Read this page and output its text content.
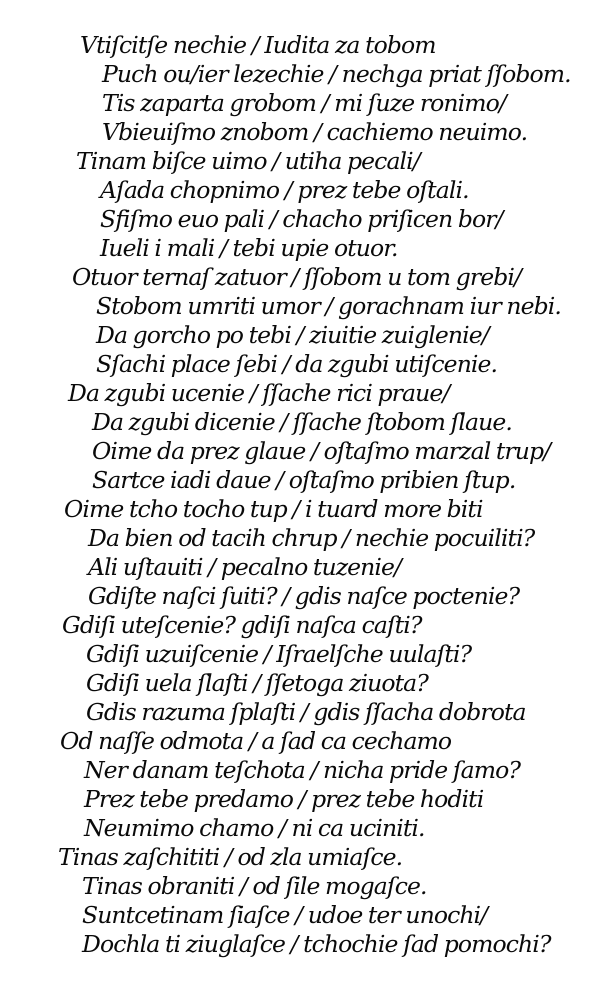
Vtiſcitſe nechie / Iudita za tobom
Puch ou/ier lezechie / nechga priat ſſobom.
Tis zaparta grobom / mi ſuze ronimo/
Vbieuiſmo znobom / cachiemo neuimo.
Tinam biſce uimo / utiha pecali/
Aſada chopnimo / prez tebe oſtali.
Sfiſmo euo pali / chacho priſicen bor/
Iueli i mali / tebi upie otuor.
Otuor ternaſ zatuor / ſſobom u tom grebi/
Stobom umriti umor / gorachnam iur nebi.
Da gorcho po tebi / ziuitie zuiglenie/
Sſachi place ſebi / da zgubi utiſcenie.
Da zgubi ucenie / ſſache rici praue/
Da zgubi dicenie / ſſache ſtobom ſlaue.
Oime da prez glaue / oſtaſmo marzal trup/
Sartce iadi daue / oſtaſmo pribien ſtup.
Oime tcho tocho tup / i tuard more biti
Da bien od tacih chrup / nechie pocuiliti?
Ali uſtauiti / pecalno tuzenie/
Gdiſte naſci ſuiti? / gdis naſce poctenie?
Gdiſi uteſcenie? gdiſi naſca caſti?
Gdiſi uzuiſcenie / Iſraelſche uulaſti?
Gdiſi uela ſlaſti / ſſetoga ziuota?
Gdis razuma ſplaſti / gdis ſſacha dobrota
Od naſſe odmota / a ſad ca cechamo
Ner danam teſchota / nicha pride ſamo?
Prez tebe predamo / prez tebe hoditi
Neumimo chamo / ni ca uciniti.
Tinas zaſchititi / od zla umiaſce.
Tinas obraniti / od ſile mogaſce.
Suntcetinam ſiaſce / udoe ter unochi/
Dochla ti ziuglaſce / tchochie ſad pomochi?
